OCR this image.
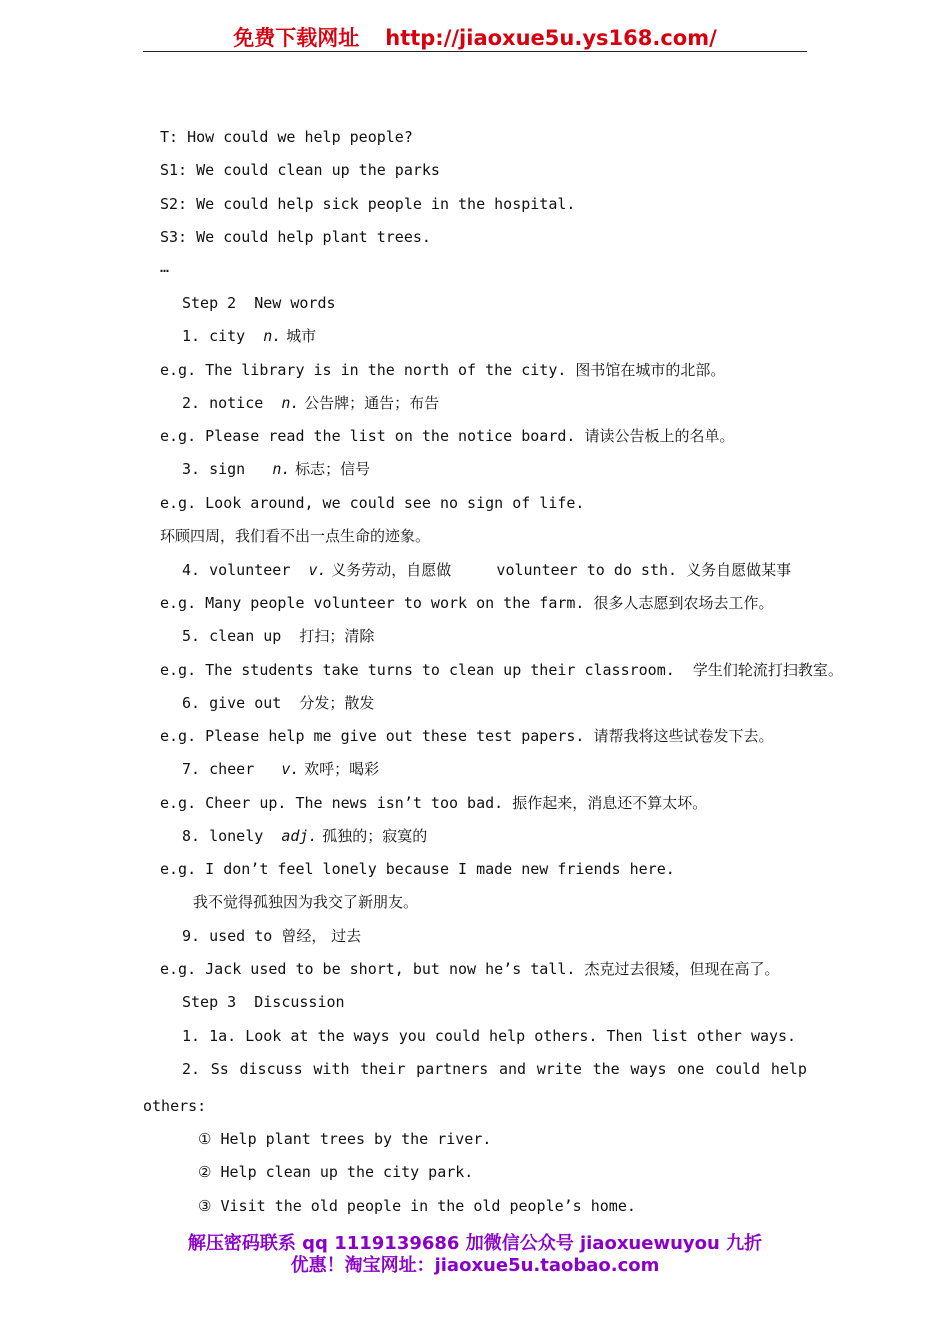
免费下载网址 http://jiaoxue5u.ys168.com/
T: How could we help people?
S1: We could clean up the parks
S2: We could help sick people in the hospital.
S3: We could help plant trees.
…
Step 2  New words
1. city  n. 城市
e.g. The library is in the north of the city. 图书馆在城市的北部。
2. notice  n. 公告牌；通告；布告
e.g. Please read the list on the notice board. 请读公告板上的名单。
3. sign   n. 标志；信号
e.g. Look around, we could see no sign of life.
环顾四周，我们看不出一点生命的迹象。
4. volunteer  v. 义务劳动，自愿做     volunteer to do sth. 义务自愿做某事
e.g. Many people volunteer to work on the farm. 很多人志愿到农场去工作。
5. clean up  打扫；清除
e.g. The students take turns to clean up their classroom.  学生们轮流打扫教室。
6. give out  分发；散发
e.g. Please help me give out these test papers. 请帮我将这些试卷发下去。
7. cheer   v. 欢呼；喝彩
e.g. Cheer up. The news isn’t too bad. 振作起来，消息还不算太坏。
8. lonely  adj. 孤独的；寂寞的
e.g. I don’t feel lonely because I made new friends here.
我不觉得孤独因为我交了新朋友。
9. used to 曾经， 过去
e.g. Jack used to be short, but now he’s tall. 杰克过去很矮，但现在高了。
Step 3  Discussion
1. 1a. Look at the ways you could help others. Then list other ways.
2. Ss discuss with their partners and write the ways one could help
others:
① Help plant trees by the river.
② Help clean up the city park.
③ Visit the old people in the old people’s home.
解压密码联系 qq 1119139686 加微信公众号 jiaoxuewuyou 九折
优惠！淘宝网址：jiaoxue5u.taobao.com
